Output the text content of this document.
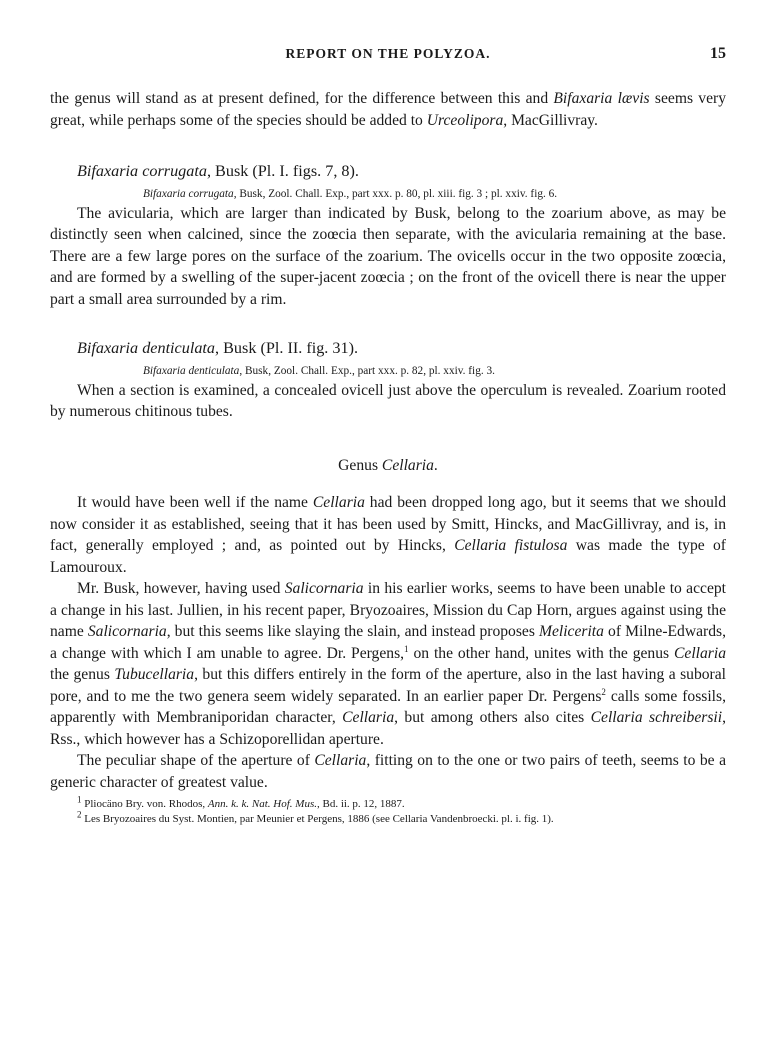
REPORT ON THE POLYZOA.	15

the genus will stand as at present defined, for the difference between this and Bifaxaria lævis seems very great, while perhaps some of the species should be added to Urceolipora, MacGillivray.

Bifaxaria corrugata, Busk (Pl. I. figs. 7, 8).
Bifaxaria corrugata, Busk, Zool. Chall. Exp., part xxx. p. 80, pl. xiii. fig. 3 ; pl. xxiv. fig. 6.

The avicularia, which are larger than indicated by Busk, belong to the zoarium above, as may be distinctly seen when calcined, since the zoœcia then separate, with the avicularia remaining at the base. There are a few large pores on the surface of the zoarium. The ovicells occur in the two opposite zoœcia, and are formed by a swelling of the super-jacent zoœcia ; on the front of the ovicell there is near the upper part a small area surrounded by a rim.

Bifaxaria denticulata, Busk (Pl. II. fig. 31).
Bifaxaria denticulata, Busk, Zool. Chall. Exp., part xxx. p. 82, pl. xxiv. fig. 3.

When a section is examined, a concealed ovicell just above the operculum is revealed. Zoarium rooted by numerous chitinous tubes.

Genus Cellaria.

It would have been well if the name Cellaria had been dropped long ago, but it seems that we should now consider it as established, seeing that it has been used by Smitt, Hincks, and MacGillivray, and is, in fact, generally employed ; and, as pointed out by Hincks, Cellaria fistulosa was made the type of Lamouroux.

Mr. Busk, however, having used Salicornaria in his earlier works, seems to have been unable to accept a change in his last. Jullien, in his recent paper, Bryozoaires, Mission du Cap Horn, argues against using the name Salicornaria, but this seems like slaying the slain, and instead proposes Melicerita of Milne-Edwards, a change with which I am unable to agree. Dr. Pergens,$^1$ on the other hand, unites with the genus Cellaria the genus Tubucellaria, but this differs entirely in the form of the aperture, also in the last having a suboral pore, and to me the two genera seem widely separated. In an earlier paper Dr. Pergens$^2$ calls some fossils, apparently with Membraniporidan character, Cellaria, but among others also cites Cellaria schreibersii, Rss., which however has a Schizoporellidan aperture.

The peculiar shape of the aperture of Cellaria, fitting on to the one or two pairs of teeth, seems to be a generic character of greatest value.

$^1$ Pliocäno Bry. von. Rhodos, Ann. k. k. Nat. Hof. Mus., Bd. ii. p. 12, 1887.
$^2$ Les Bryozoaires du Syst. Montien, par Meunier et Pergens, 1886 (see Cellaria Vandenbroecki. pl. i. fig. 1).
